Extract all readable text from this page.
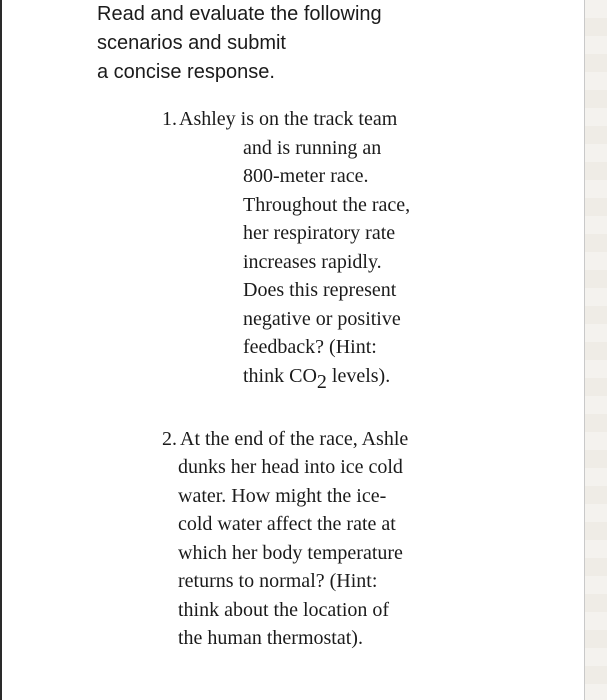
Read and evaluate the following
scenarios and submit
a concise response.
1. Ashley is on the track team
and is running an
800-meter race.
Throughout the race,
her respiratory rate
increases rapidly.
Does this represent
negative or positive
feedback? (Hint:
think $CO_2$ levels).
2. At the end of the race, Ashle
dunks her head into ice cold
water. How might the ice-
cold water affect the rate at
which her body temperature
returns to normal? (Hint:
think about the location of
the human thermostat).
